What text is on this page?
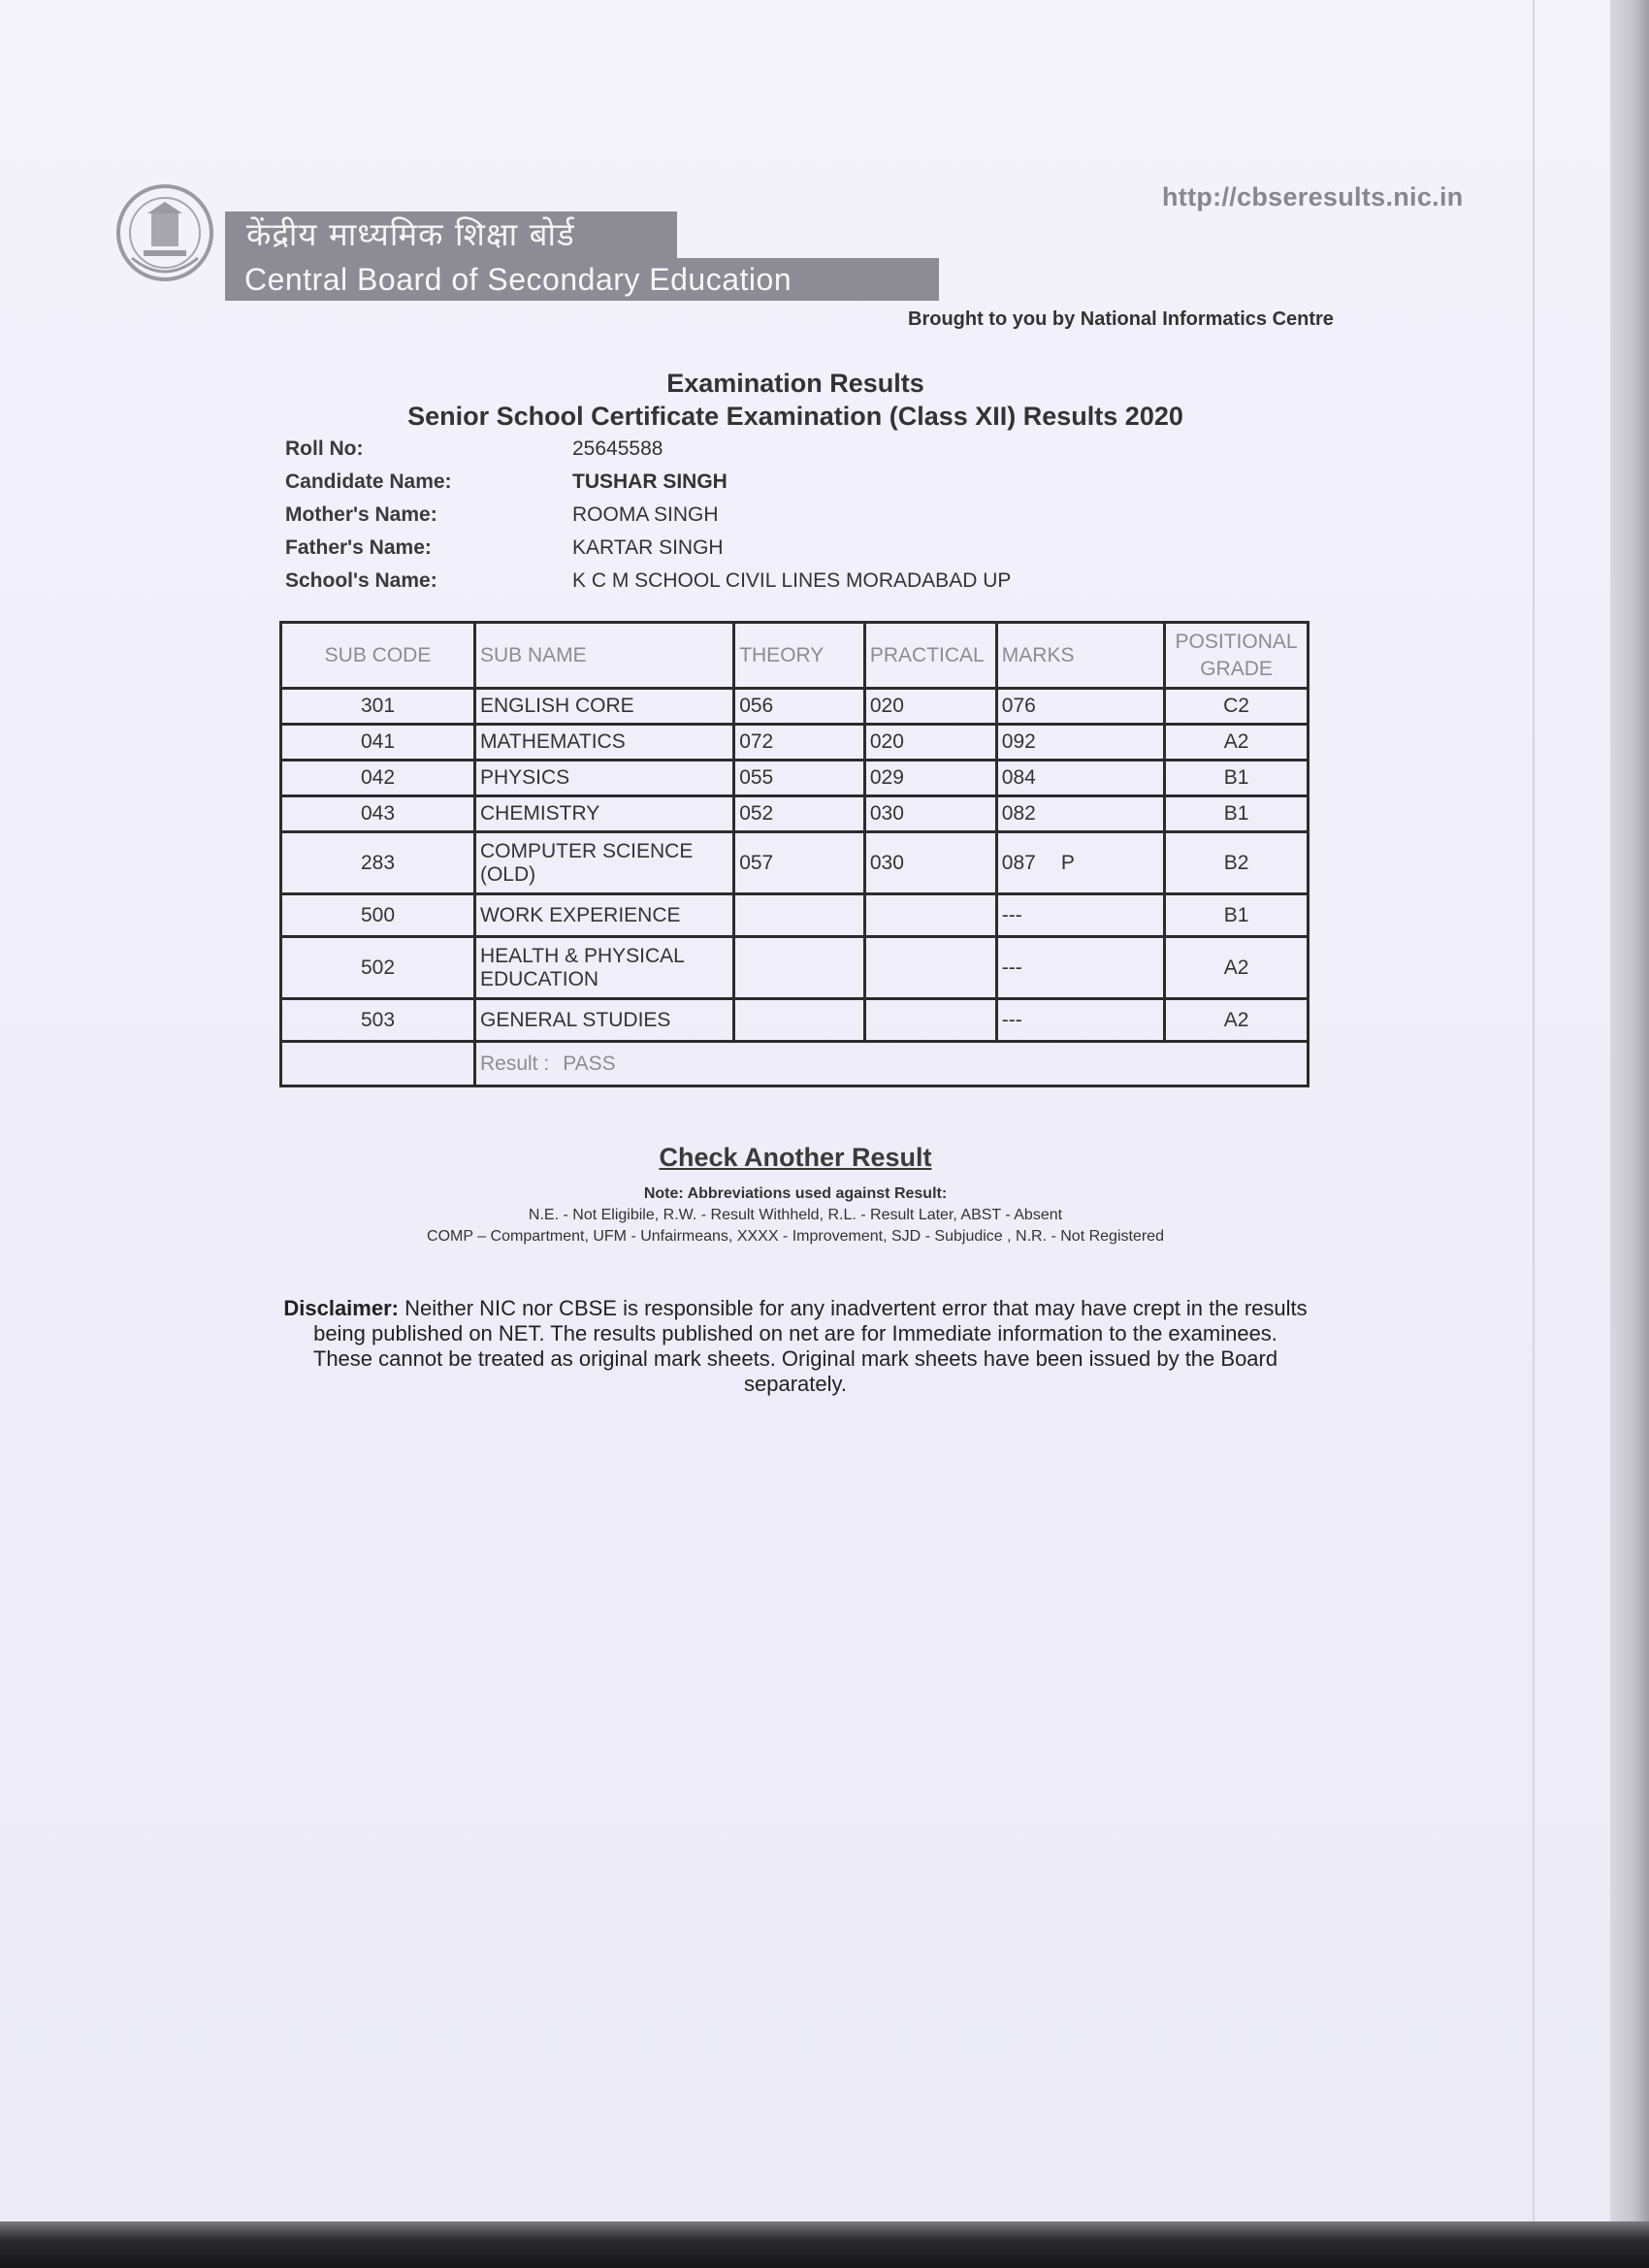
केंद्रीय माध्यमिक शिक्षा बोर्ड
Central Board of Secondary Education
http://cbseresults.nic.in
Brought to you by National Informatics Centre
Examination Results
Senior School Certificate Examination (Class XII) Results 2020
Roll No:	25645588
Candidate Name:	TUSHAR SINGH
Mother's Name:	ROOMA SINGH
Father's Name:	KARTAR SINGH
School's Name:	K C M SCHOOL CIVIL LINES MORADABAD UP
SUB CODE	SUB NAME	THEORY	PRACTICAL	MARKS	POSITIONAL
GRADE
301	ENGLISH CORE	056	020	076	C2
041	MATHEMATICS	072	020	092	A2
042	PHYSICS	055	029	084	B1
043	CHEMISTRY	052	030	082	B1
283	COMPUTER SCIENCE
(OLD)	057	030	087 P	B2
500	WORK EXPERIENCE			---	B1
502	HEALTH & PHYSICAL
EDUCATION			---	A2
503	GENERAL STUDIES			---	A2
	Result : PASS				
Check Another Result
Note: Abbreviations used against Result:
N.E. - Not Eligibile, R.W. - Result Withheld, R.L. - Result Later, ABST - Absent
COMP – Compartment, UFM - Unfairmeans, XXXX - Improvement, SJD - Subjudice , N.R. - Not Registered
Disclaimer: Neither NIC nor CBSE is responsible for any inadvertent error that may have crept in the results being published on NET. The results published on net are for Immediate information to the examinees. These cannot be treated as original mark sheets. Original mark sheets have been issued by the Board separately.
